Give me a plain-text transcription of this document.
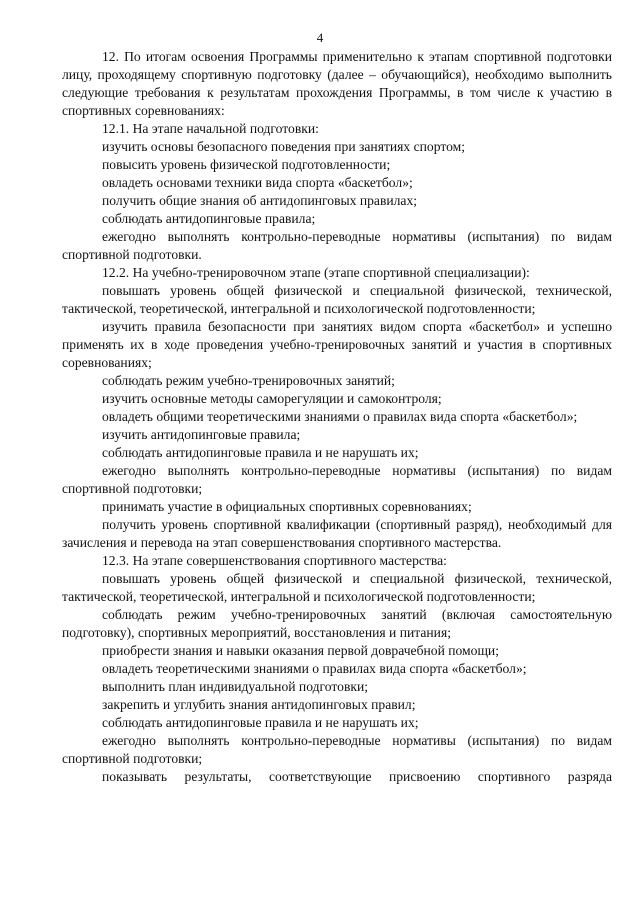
4

12. По итогам освоения Программы применительно к этапам спортивной подготовки лицу, проходящему спортивную подготовку (далее – обучающийся), необходимо выполнить следующие требования к результатам прохождения Программы, в том числе к участию в спортивных соревнованиях:

12.1. На этапе начальной подготовки:

изучить основы безопасного поведения при занятиях спортом;

повысить уровень физической подготовленности;

овладеть основами техники вида спорта «баскетбол»;

получить общие знания об антидопинговых правилах;

соблюдать антидопинговые правила;

ежегодно выполнять контрольно-переводные нормативы (испытания) по видам спортивной подготовки.

12.2. На учебно-тренировочном этапе (этапе спортивной специализации):

повышать уровень общей физической и специальной физической, технической, тактической, теоретической, интегральной и психологической подготовленности;

изучить правила безопасности при занятиях видом спорта «баскетбол» и успешно применять их в ходе проведения учебно-тренировочных занятий и участия в спортивных соревнованиях;

соблюдать режим учебно-тренировочных занятий;

изучить основные методы саморегуляции и самоконтроля;

овладеть общими теоретическими знаниями о правилах вида спорта «баскетбол»;

изучить антидопинговые правила;

соблюдать антидопинговые правила и не нарушать их;

ежегодно выполнять контрольно-переводные нормативы (испытания) по видам спортивной подготовки;

принимать участие в официальных спортивных соревнованиях;

получить уровень спортивной квалификации (спортивный разряд), необходимый для зачисления и перевода на этап совершенствования спортивного мастерства.

12.3. На этапе совершенствования спортивного мастерства:

повышать уровень общей физической и специальной физической, технической, тактической, теоретической, интегральной и психологической подготовленности;

соблюдать режим учебно-тренировочных занятий (включая самостоятельную подготовку), спортивных мероприятий, восстановления и питания;

приобрести знания и навыки оказания первой доврачебной помощи;

овладеть теоретическими знаниями о правилах вида спорта «баскетбол»;

выполнить план индивидуальной подготовки;

закрепить и углубить знания антидопинговых правил;

соблюдать антидопинговые правила и не нарушать их;

ежегодно выполнять контрольно-переводные нормативы (испытания) по видам спортивной подготовки;

показывать результаты, соответствующие присвоению спортивного разряда
